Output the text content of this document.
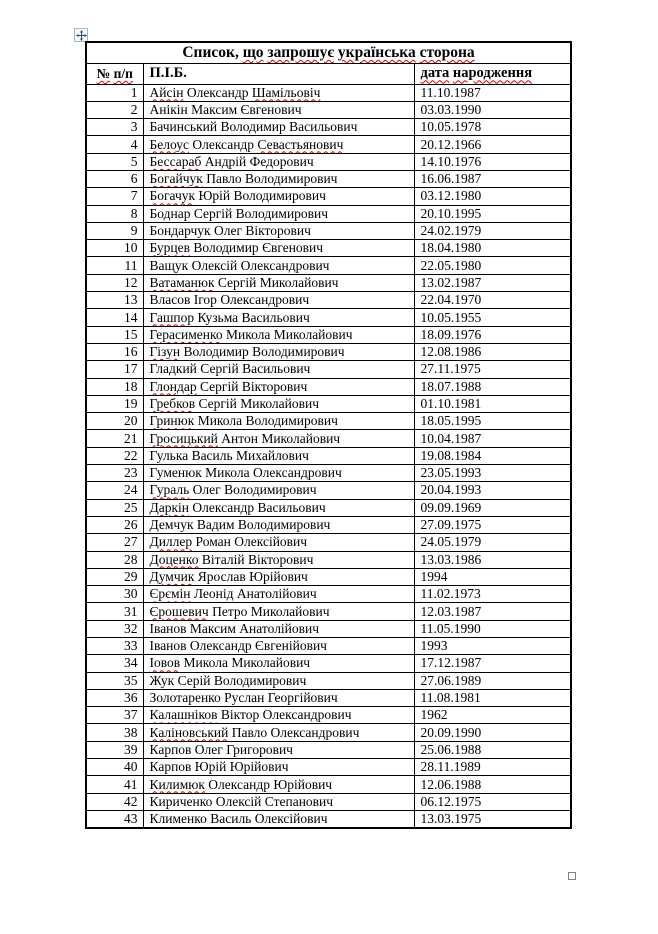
Список, що запрошує українська сторона		
№ п/п	П.І.Б.	дата народження
1	Айсін Олександр Шамільовіч	11.10.1987
2	Анікін Максим Євгенович	03.03.1990
3	Бачинський Володимир Васильович	10.05.1978
4	Белоус Олександр Севастьянович	20.12.1966
5	Бессараб Андрій Федорович	14.10.1976
6	Богайчук Павло Володимирович	16.06.1987
7	Богачук Юрій Володимирович	03.12.1980
8	Боднар Сергій Володимирович	20.10.1995
9	Бондарчук Олег Вікторович	24.02.1979
10	Бурцев Володимир Євгенович	18.04.1980
11	Ващук Олексій Олександрович	22.05.1980
12	Ватаманюк Сергій Миколайович	13.02.1987
13	Власов Ігор Олександрович	22.04.1970
14	Гашпор Кузьма Васильович	10.05.1955
15	Герасименко Микола Миколайович	18.09.1976
16	Гізун Володимир Володимирович	12.08.1986
17	Гладкий Сергій Васильович	27.11.1975
18	Глондар Сергій Вікторович	18.07.1988
19	Гребков Сергій Миколайович	01.10.1981
20	Гринюк Микола Володимирович	18.05.1995
21	Гросицький Антон Миколайович	10.04.1987
22	Гулька Василь Михайлович	19.08.1984
23	Гуменюк Микола Олександрович	23.05.1993
24	Гураль Олег Володимирович	20.04.1993
25	Даркін Олександр Васильович	09.09.1969
26	Демчук Вадим Володимирович	27.09.1975
27	Диллер Роман Олексійович	24.05.1979
28	Доценко Віталій Вікторович	13.03.1986
29	Думчик Ярослав Юрійович	1994
30	Єрємін Леонід Анатолійович	11.02.1973
31	Єрошевич Петро Миколайович	12.03.1987
32	Іванов Максим Анатолійович	11.05.1990
33	Іванов Олександр Євгенійович	1993
34	Іовов Микола Миколайович	17.12.1987
35	Жук Серій Володимирович	27.06.1989
36	Золотаренко Руслан Георгійович	11.08.1981
37	Калашніков Віктор Олександрович	1962
38	Каліновський Павло Олександрович	20.09.1990
39	Карпов Олег Григорович	25.06.1988
40	Карпов Юрій Юрійович	28.11.1989
41	Килимюк Олександр Юрійович	12.06.1988
42	Кириченко Олексій Степанович	06.12.1975
43	Клименко Василь Олексійович	13.03.1975
